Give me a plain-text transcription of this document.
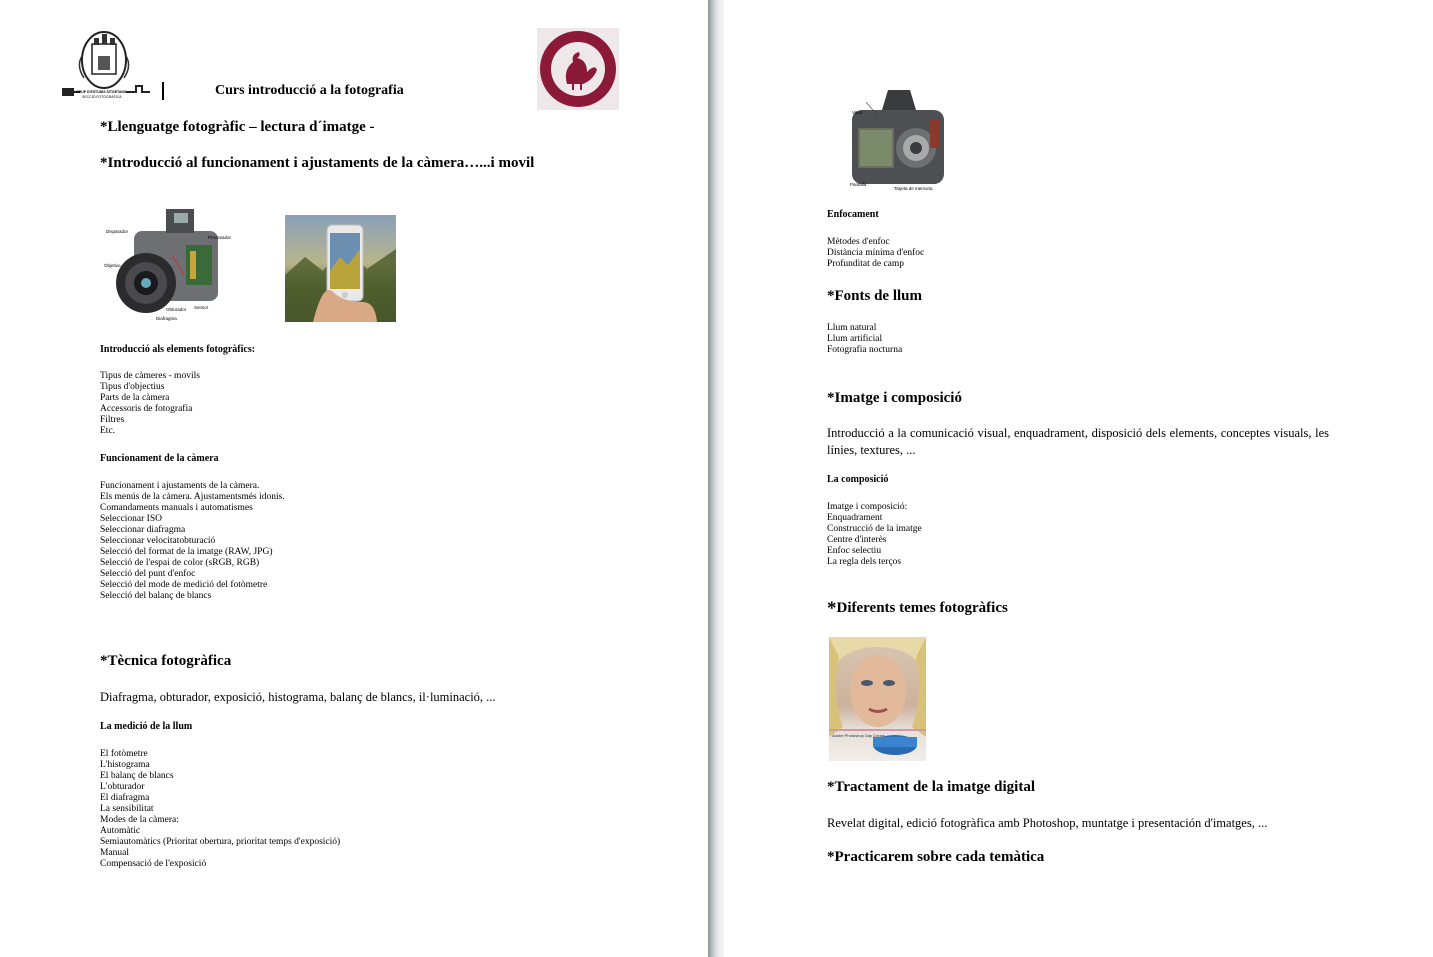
GRUP D'ESTUDIS SITGETANS
SECCIÓ FOTOGRÀFICA	Curs introducció a la fotografia
*Llenguatge fotogràfic – lectura d´imatge -
*Introducció al funcionament i ajustaments de la càmera…...i movil
Disparador
Procesador
Objetivo
Obturador Sensor
Diafragma
Introducció als elements fotogràfics:
Tipus de càmeres - movils
Tipus d'objectius
Parts de la càmera
Accessoris de fotografia
Filtres
Etc.
Funcionament de la càmera
Funcionament i ajustaments de la càmera.
Els menús de la càmera. Ajustamentsmés idonis.
Comandaments manuals i automatismes
Seleccionar ISO
Seleccionar diafragma
Seleccionar velocitatobturació
Selecció del format de la imatge (RAW, JPG)
Selecció de l'espai de color (sRGB, RGB)
Selecció del punt d'enfoc
Selecció del mode de medició del fotòmetre
Selecció del balanç de blancs
*Tècnica fotogràfica
Diafragma, obturador, exposició, histograma, balanç de blancs, il·luminació, ...
La medició de la llum
El fotòmetre
L'histograma
El balanç de blancs
L'obturador
El diafragma
La sensibilitat
Modes de la càmera:
Automàtic
Semiautomàtics (Prioritat obertura, prioritat temps d'exposició)
Manual
Compensació de l'exposició
Visor
Pantalla
Tarjeta de memoria
Enfocament
Mètodes d'enfoc
Distància mínima d'enfoc
Profunditat de camp
*Fonts de llum
Llum natural
Llum artificial
Fotografia nocturna
*Imatge i composició
Introducció a la comunicació visual, enquadrament, disposició dels elements, conceptes visuals, les línies, textures, ...
La composició
Imatge i composició:
Enquadrament
Construcció de la imatge
Centre d'interès
Enfoc selectiu
La regla dels terços
*Diferents temes fotogràfics
Adobe Photoshop Day Cream
*Tractament de la imatge digital
Revelat digital, edició fotogràfica amb Photoshop, muntatge i presentación d'imatges, ...
*Practicarem sobre cada temàtica
